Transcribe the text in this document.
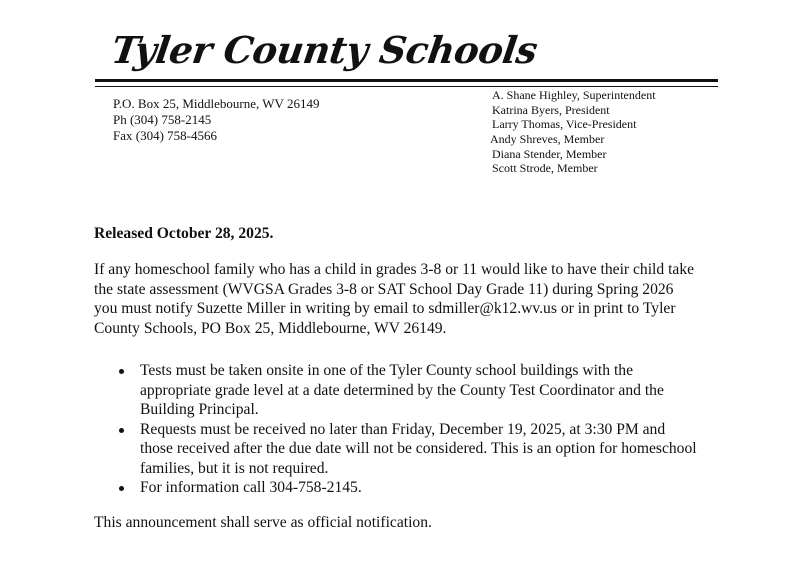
Tyler County Schools
P.O. Box 25, Middlebourne, WV 26149
Ph (304) 758-2145
Fax (304) 758-4566
A. Shane Highley, Superintendent
Katrina Byers, President
Larry Thomas, Vice-President
Andy Shreves, Member
Diana Stender, Member
Scott Strode, Member
Released October 28, 2025.
If any homeschool family who has a child in grades 3-8 or 11 would like to have their child take
the state assessment (WVGSA Grades 3-8 or SAT School Day Grade 11) during Spring 2026
you must notify Suzette Miller in writing by email to sdmiller@k12.wv.us or in print to Tyler
County Schools, PO Box 25, Middlebourne, WV 26149.
Tests must be taken onsite in one of the Tyler County school buildings with the
appropriate grade level at a date determined by the County Test Coordinator and the
Building Principal.
Requests must be received no later than Friday, December 19, 2025, at 3:30 PM and
those received after the due date will not be considered. This is an option for homeschool
families, but it is not required.
For information call 304-758-2145.
This announcement shall serve as official notification.
